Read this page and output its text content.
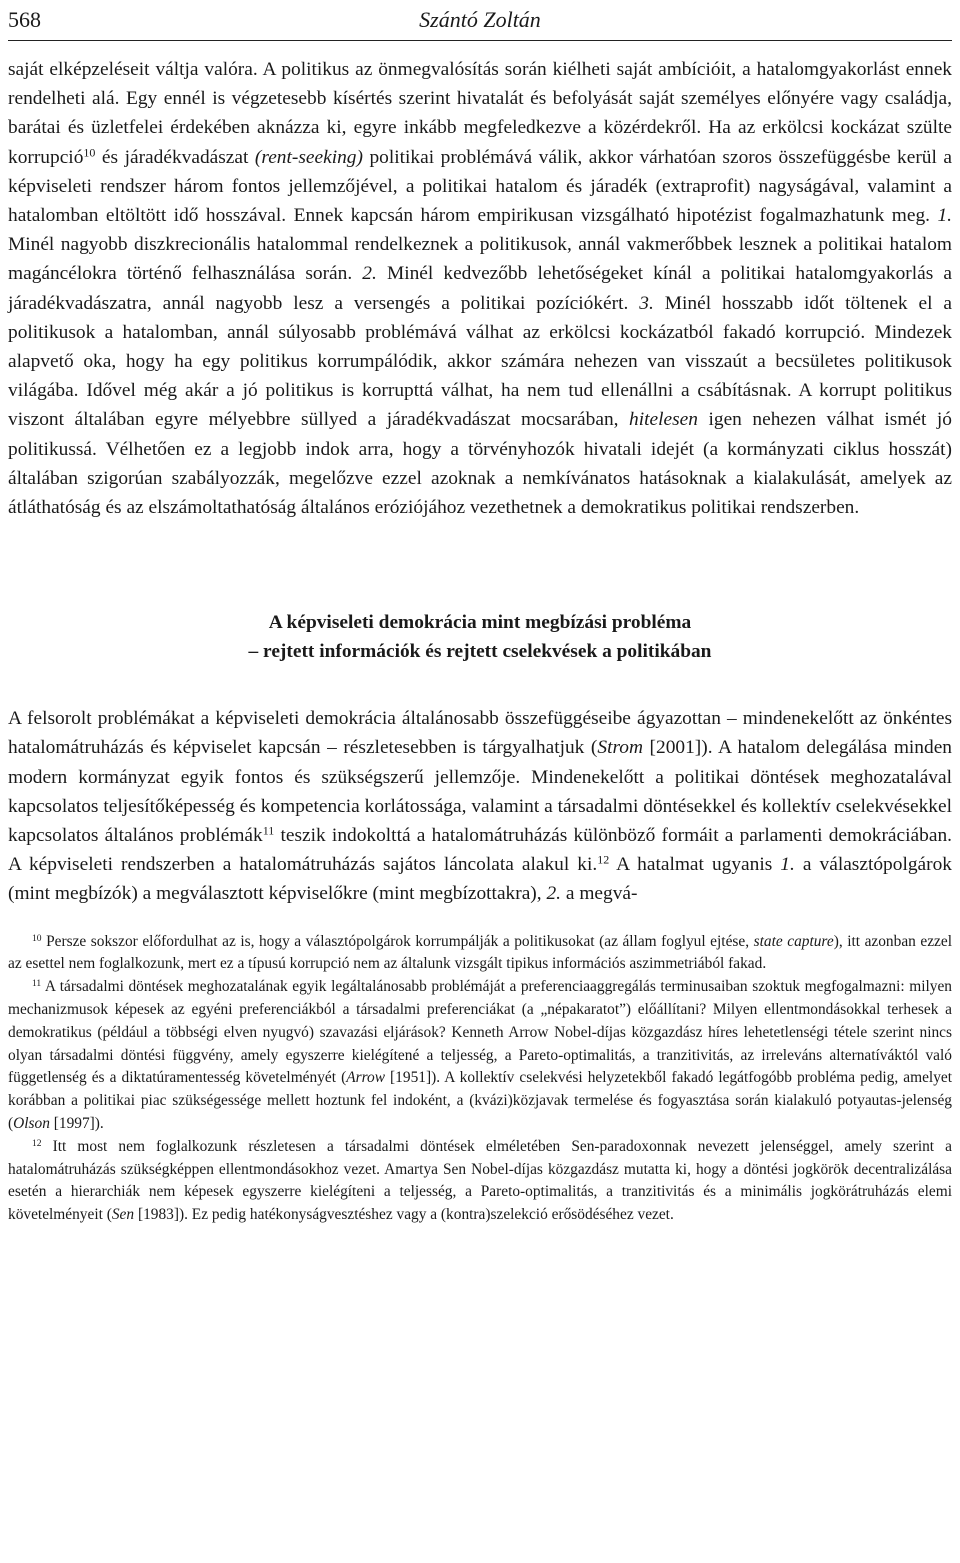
568	Szántó Zoltán

saját elképzeléseit váltja valóra. A politikus az önmegvalósítás során kiélheti saját ambícióit, a hatalomgyakorlást ennek rendelheti alá. Egy ennél is végzetesebb kísértés szerint hivatalát és befolyását saját személyes előnyére vagy családja, barátai és üzletfelei érdekében aknázza ki, egyre inkább megfeledkezve a közérdekről. Ha az erkölcsi kockázat szülte korrupció$^{10}$ és járadékvadászat (rent-seeking) politikai problémává válik, akkor várhatóan szoros összefüggésbe kerül a képviseleti rendszer három fontos jellemzőjével, a politikai hatalom és járadék (extraprofit) nagyságával, valamint a hatalomban eltöltött idő hosszával. Ennek kapcsán három empirikusan vizsgálható hipotézist fogalmazhatunk meg. 1. Minél nagyobb diszkrecionális hatalommal rendelkeznek a politikusok, annál vakmerőbbek lesznek a politikai hatalom magáncélokra történő felhasználása során. 2. Minél kedvezőbb lehetőségeket kínál a politikai hatalomgyakorlás a járadékvadászatra, annál nagyobb lesz a versengés a politikai pozíciókért. 3. Minél hosszabb időt töltenek el a politikusok a hatalomban, annál súlyosabb problémává válhat az erkölcsi kockázatból fakadó korrupció. Mindezek alapvető oka, hogy ha egy politikus korrumpálódik, akkor számára nehezen van visszaút a becsületes politikusok világába. Idővel még akár a jó politikus is korrupttá válhat, ha nem tud ellenállni a csábításnak. A korrupt politikus viszont általában egyre mélyebbre süllyed a járadékvadászat mocsarában, hitelesen igen nehezen válhat ismét jó politikussá. Vélhetően ez a legjobb indok arra, hogy a törvényhozók hivatali idejét (a kormányzati ciklus hosszát) általában szigorúan szabályozzák, megelőzve ezzel azoknak a nemkívánatos hatásoknak a kialakulását, amelyek az átláthatóság és az elszámoltathatóság általános eróziójához vezethetnek a demokratikus politikai rendszerben.

A képviseleti demokrácia mint megbízási probléma
– rejtett információk és rejtett cselekvések a politikában

A felsorolt problémákat a képviseleti demokrácia általánosabb összefüggéseibe ágyazottan – mindenekelőtt az önkéntes hatalomátruházás és képviselet kapcsán – részletesebben is tárgyalhatjuk (Strom [2001]). A hatalom delegálása minden modern kormányzat egyik fontos és szükségszerű jellemzője. Mindenekelőtt a politikai döntések meghozatalával kapcsolatos teljesítőképesség és kompetencia korlátossága, valamint a társadalmi döntésekkel és kollektív cselekvésekkel kapcsolatos általános problémák$^{11}$ teszik indokolttá a hatalomátruházás különböző formáit a parlamenti demokráciában. A képviseleti rendszerben a hatalomátruházás sajátos láncolata alakul ki.$^{12}$ A hatalmat ugyanis 1. a választópolgárok (mint megbízók) a megválasztott képviselőkre (mint megbízottakra), 2. a megvá-

$^{10}$ Persze sokszor előfordulhat az is, hogy a választópolgárok korrumpálják a politikusokat (az állam foglyul ejtése, state capture), itt azonban ezzel az esettel nem foglalkozunk, mert ez a típusú korrupció nem az általunk vizsgált tipikus információs aszimmetriából fakad.

$^{11}$ A társadalmi döntések meghozatalának egyik legáltalánosabb problémáját a preferenciaaggregálás terminusaiban szoktuk megfogalmazni: milyen mechanizmusok képesek az egyéni preferenciákból a társadalmi preferenciákat (a „népakaratot”) előállítani? Milyen ellentmondásokkal terhesek a demokratikus (például a többségi elven nyugvó) szavazási eljárások? Kenneth Arrow Nobel-díjas közgazdász híres lehetetlenségi tétele szerint nincs olyan társadalmi döntési függvény, amely egyszerre kielégítené a teljesség, a Pareto-optimalitás, a tranzitivitás, az irreleváns alternatíváktól való függetlenség és a diktatúramentesség követelményét (Arrow [1951]). A kollektív cselekvési helyzetekből fakadó legátfogóbb probléma pedig, amelyet korábban a politikai piac szükségessége mellett hoztunk fel indoként, a (kvázi)közjavak termelése és fogyasztása során kialakuló potyautas-jelenség (Olson [1997]).

$^{12}$ Itt most nem foglalkozunk részletesen a társadalmi döntések elméletében Sen-paradoxonnak nevezett jelenséggel, amely szerint a hatalomátruházás szükségképpen ellentmondásokhoz vezet. Amartya Sen Nobel-díjas közgazdász mutatta ki, hogy a döntési jogkörök decentralizálása esetén a hierarchiák nem képesek egyszerre kielégíteni a teljesség, a Pareto-optimalitás, a tranzitivitás és a minimális jogkörátruházás elemi követelményeit (Sen [1983]). Ez pedig hatékonyságvesztéshez vagy a (kontra)szelekció erősödéséhez vezet.
